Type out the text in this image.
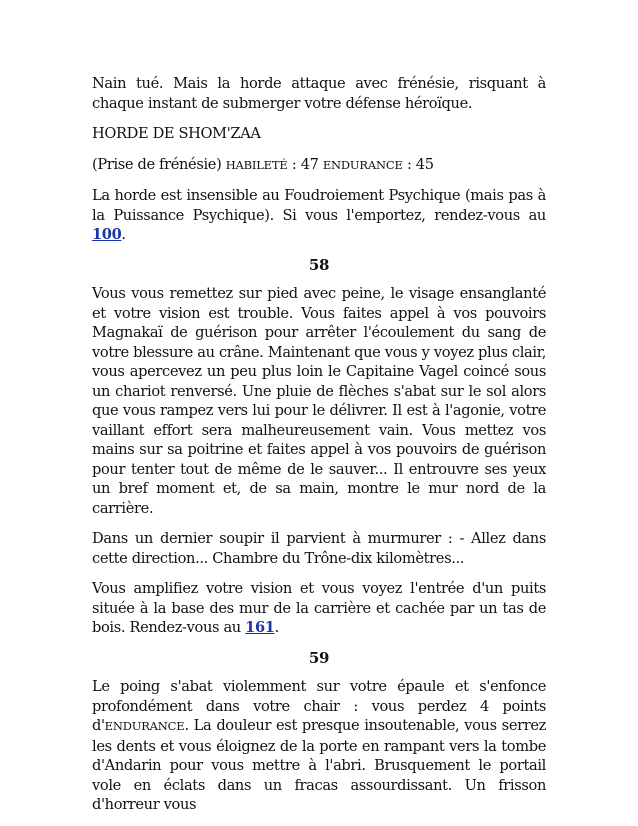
Nain tué. Mais la horde attaque avec frénésie, risquant à chaque instant de submerger votre défense héroïque.

HORDE DE SHOM'ZAA

(Prise de frénésie) HABILETÉ : 47 ENDURANCE : 45

La horde est insensible au Foudroiement Psychique (mais pas à la Puissance Psychique). Si vous l'emportez, rendez-vous au 100.

58

Vous vous remettez sur pied avec peine, le visage ensanglanté et votre vision est trouble. Vous faites appel à vos pouvoirs Magnakaï de guérison pour arrêter l'écoulement du sang de votre blessure au crâne. Maintenant que vous y voyez plus clair, vous apercevez un peu plus loin le Capitaine Vagel coincé sous un chariot renversé. Une pluie de flèches s'abat sur le sol alors que vous rampez vers lui pour le délivrer. Il est à l'agonie, votre vaillant effort sera malheureusement vain. Vous mettez vos mains sur sa poitrine et faites appel à vos pouvoirs de guérison pour tenter tout de même de le sauver... Il entrouvre ses yeux un bref moment et, de sa main, montre le mur nord de la carrière.

Dans un dernier soupir il parvient à murmurer : - Allez dans cette direction... Chambre du Trône-dix kilomètres...

Vous amplifiez votre vision et vous voyez l'entrée d'un puits située à la base des mur de la carrière et cachée par un tas de bois. Rendez-vous au 161.

59

Le poing s'abat violemment sur votre épaule et s'enfonce profondément dans votre chair : vous perdez 4 points d'ENDURANCE. La douleur est presque insoutenable, vous serrez les dents et vous éloignez de la porte en rampant vers la tombe d'Andarin pour vous mettre à l'abri. Brusquement le portail vole en éclats dans un fracas assourdissant. Un frisson d'horreur vous
